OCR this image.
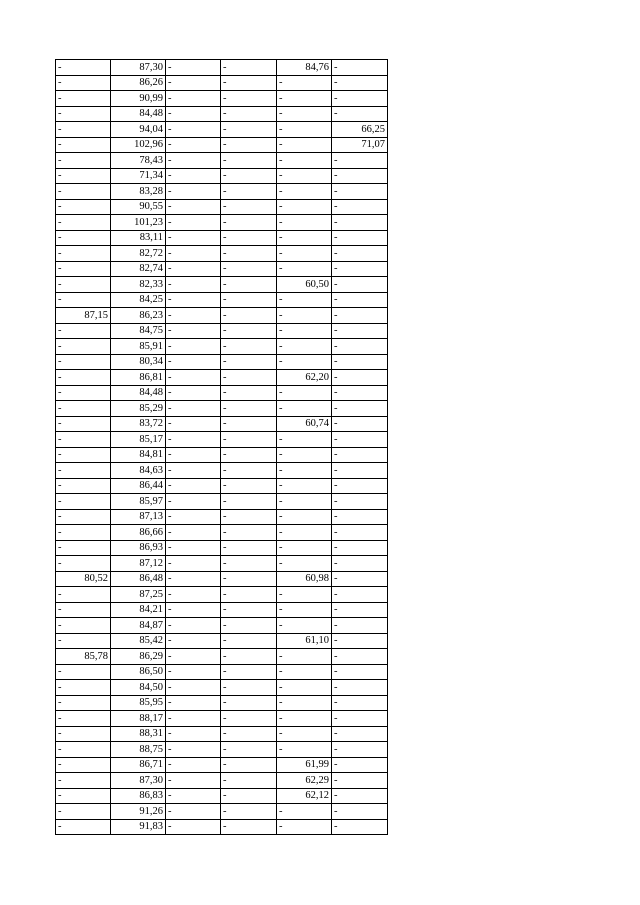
-	87,30	-	-	84,76	-
-	86,26	-	-	-	-
-	90,99	-	-	-	-
-	84,48	-	-	-	-
-	94,04	-	-	-	66,25
-	102,96	-	-	-	71,07
-	78,43	-	-	-	-
-	71,34	-	-	-	-
-	83,28	-	-	-	-
-	90,55	-	-	-	-
-	101,23	-	-	-	-
-	83,11	-	-	-	-
-	82,72	-	-	-	-
-	82,74	-	-	-	-
-	82,33	-	-	60,50	-
-	84,25	-	-	-	-
87,15	86,23	-	-	-	-
-	84,75	-	-	-	-
-	85,91	-	-	-	-
-	80,34	-	-	-	-
-	86,81	-	-	62,20	-
-	84,48	-	-	-	-
-	85,29	-	-	-	-
-	83,72	-	-	60,74	-
-	85,17	-	-	-	-
-	84,81	-	-	-	-
-	84,63	-	-	-	-
-	86,44	-	-	-	-
-	85,97	-	-	-	-
-	87,13	-	-	-	-
-	86,66	-	-	-	-
-	86,93	-	-	-	-
-	87,12	-	-	-	-
80,52	86,48	-	-	60,98	-
-	87,25	-	-	-	-
-	84,21	-	-	-	-
-	84,87	-	-	-	-
-	85,42	-	-	61,10	-
85,78	86,29	-	-	-	-
-	86,50	-	-	-	-
-	84,50	-	-	-	-
-	85,95	-	-	-	-
-	88,17	-	-	-	-
-	88,31	-	-	-	-
-	88,75	-	-	-	-
-	86,71	-	-	61,99	-
-	87,30	-	-	62,29	-
-	86,83	-	-	62,12	-
-	91,26	-	-	-	-
-	91,83	-	-	-	-
